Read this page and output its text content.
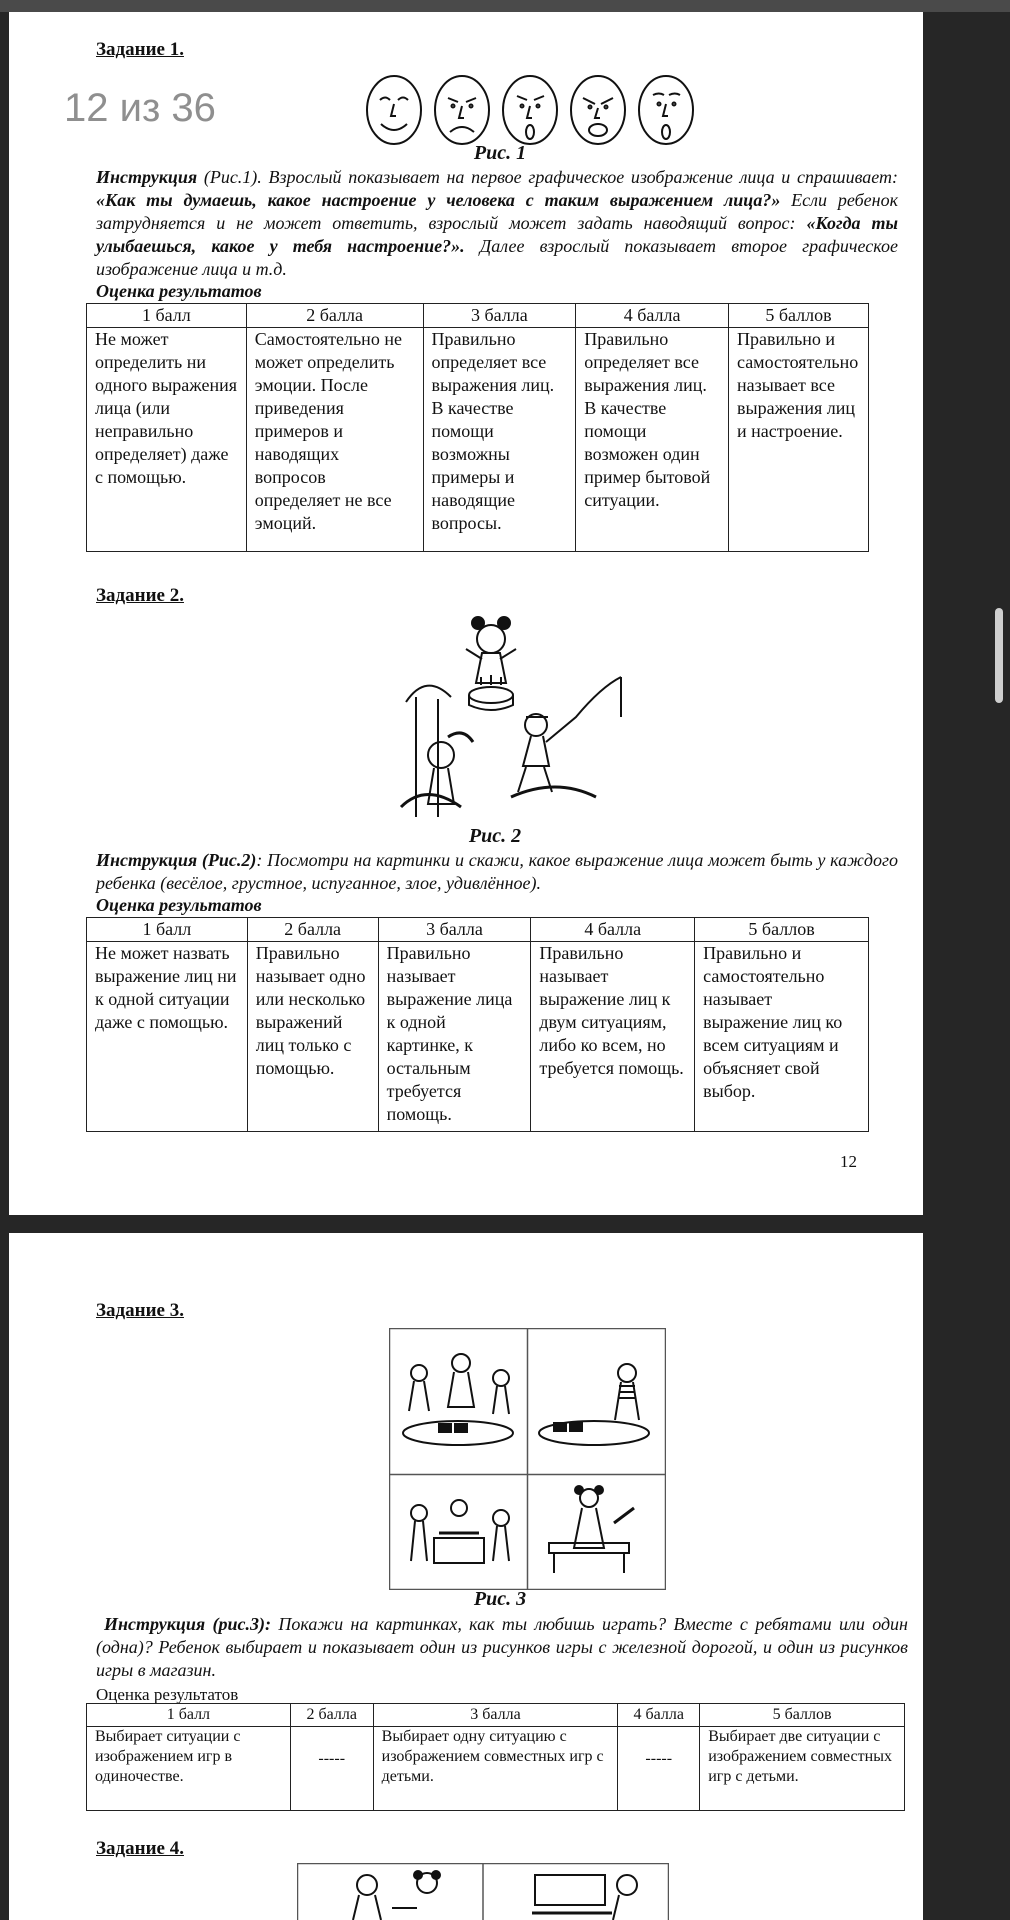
Задание 1.
Рис. 1
Инструкция (Рис.1). Взрослый показывает на первое графическое изображение лица и спрашивает: «Как ты думаешь, какое настроение у человека с таким выражением лица?» Если ребенок затрудняется и не может ответить, взрослый может задать наводящий вопрос: «Когда ты улыбаешься, какое у тебя настроение?». Далее взрослый показывает второе графическое изображение лица и т.д.
Оценка результатов
1 балл	2 балла	3 балла	4 балла	5 баллов
Не может определить ни одного выражения лица (или неправильно определяет) даже с помощью.	Самостоятельно не может определить эмоции. После приведения примеров и наводящих вопросов определяет не все эмоций.	Правильно определяет все выражения лиц. В качестве помощи возможны примеры и наводящие вопросы.	Правильно определяет все выражения лиц. В качестве помощи возможен один пример бытовой ситуации.	Правильно и самостоятельно называет все выражения лиц и настроение.
Задание 2.
Рис. 2
Инструкция (Рис.2): Посмотри на картинки и скажи, какое выражение лица может быть у каждого ребенка (весёлое, грустное, испуганное, злое, удивлённое).
Оценка результатов
1 балл	2 балла	3 балла	4 балла	5 баллов
Не может назвать выражение лиц ни к одной ситуации даже с помощью.	Правильно называет одно или несколько выражений лиц только с помощью.	Правильно называет выражение лица к одной картинке, к остальным требуется помощь.	Правильно называет выражение лиц к двум ситуациям, либо ко всем, но требуется помощь.	Правильно и самостоятельно называет выражение лиц ко всем ситуациям и объясняет свой выбор.
12
12 из 36
Задание 3.
Рис. 3
Инструкция (рис.3): Покажи на картинках, как ты любишь играть? Вместе с ребятами или один (одна)? Ребенок выбирает и показывает один из рисунков игры с железной дорогой, и один из рисунков игры в магазин.
Оценка результатов
1 балл	2 балла	3 балла	4 балла	5 баллов
Выбирает ситуации с изображением игр в одиночестве.	-----	Выбирает одну ситуацию с изображением совместных игр с детьми.	-----	Выбирает две ситуации с изображением совместных игр с детьми.
Задание 4.
